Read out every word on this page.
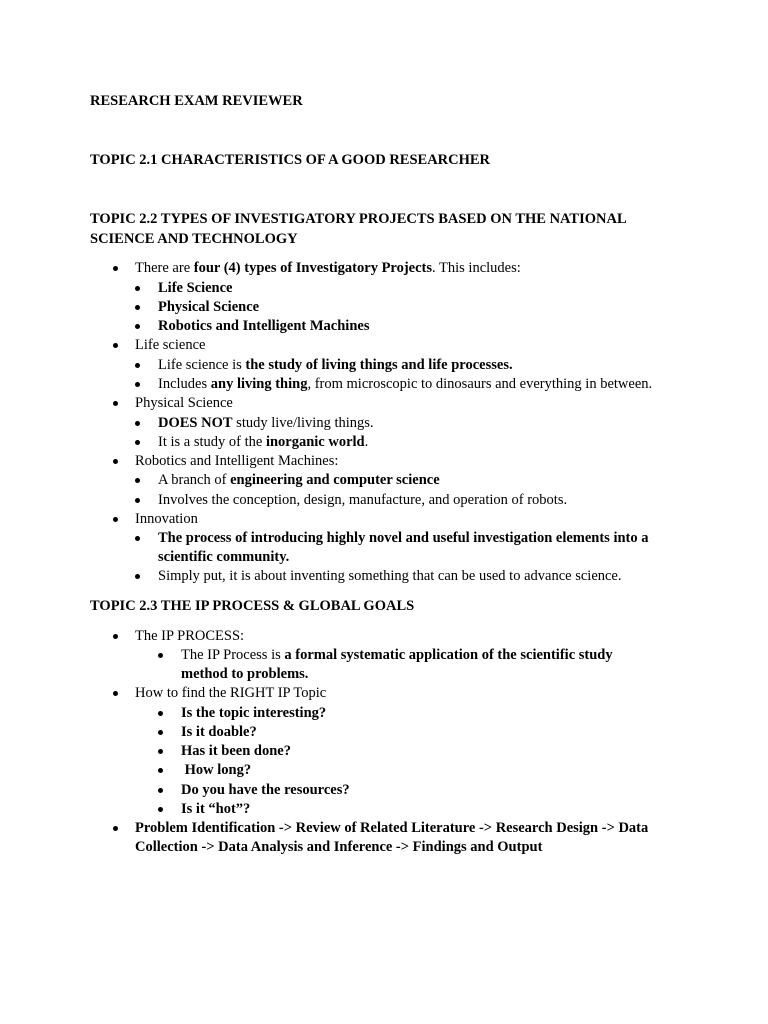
RESEARCH EXAM REVIEWER
TOPIC 2.1 CHARACTERISTICS OF A GOOD RESEARCHER
TOPIC 2.2 TYPES OF INVESTIGATORY PROJECTS BASED ON THE NATIONAL
SCIENCE AND TECHNOLOGY
There are four (4) types of Investigatory Projects. This includes:
Life Science
Physical Science
Robotics and Intelligent Machines
Life science
Life science is the study of living things and life processes.
Includes any living thing, from microscopic to dinosaurs and everything in between.
Physical Science
DOES NOT study live/living things.
It is a study of the inorganic world.
Robotics and Intelligent Machines:
A branch of engineering and computer science
Involves the conception, design, manufacture, and operation of robots.
Innovation
The process of introducing highly novel and useful investigation elements into a
scientific community.
Simply put, it is about inventing something that can be used to advance science.
TOPIC 2.3 THE IP PROCESS & GLOBAL GOALS
The IP PROCESS:
The IP Process is a formal systematic application of the scientific study
method to problems.
How to find the RIGHT IP Topic
Is the topic interesting?
Is it doable?
Has it been done?
How long?
Do you have the resources?
Is it “hot”?
Problem Identification -> Review of Related Literature -> Research Design -> Data
Collection -> Data Analysis and Inference -> Findings and Output
